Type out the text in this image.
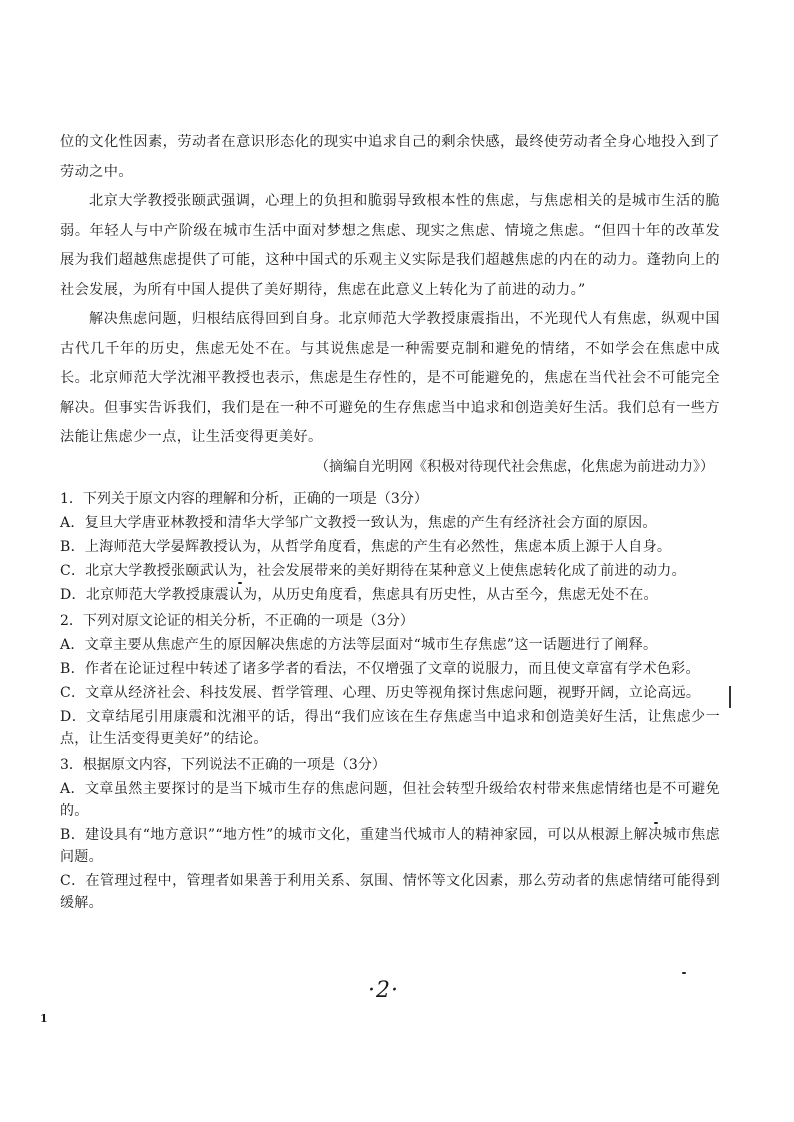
位的文化性因素，劳动者在意识形态化的现实中追求自己的剩余快感，最终使劳动者全身心地投入到了劳动之中。

北京大学教授张颐武强调，心理上的负担和脆弱导致根本性的焦虑，与焦虑相关的是城市生活的脆弱。年轻人与中产阶级在城市生活中面对梦想之焦虑、现实之焦虑、情境之焦虑。“但四十年的改革发展为我们超越焦虑提供了可能，这种中国式的乐观主义实际是我们超越焦虑的内在的动力。蓬勃向上的社会发展，为所有中国人提供了美好期待，焦虑在此意义上转化为了前进的动力。”

解决焦虑问题，归根结底得回到自身。北京师范大学教授康震指出，不光现代人有焦虑，纵观中国古代几千年的历史，焦虑无处不在。与其说焦虑是一种需要克制和避免的情绪，不如学会在焦虑中成长。北京师范大学沈湘平教授也表示，焦虑是生存性的，是不可能避免的，焦虑在当代社会不可能完全解决。但事实告诉我们，我们是在一种不可避免的生存焦虑当中追求和创造美好生活。我们总有一些方法能让焦虑少一点，让生活变得更美好。

（摘编自光明网《积极对待现代社会焦虑，化焦虑为前进动力》）

1．下列关于原文内容的理解和分析，正确的一项是（3分）

A．复旦大学唐亚林教授和清华大学邹广文教授一致认为，焦虑的产生有经济社会方面的原因。

B．上海师范大学晏辉教授认为，从哲学角度看，焦虑的产生有必然性，焦虑本质上源于人自身。

C．北京大学教授张颐武认为，社会发展带来的美好期待在某种意义上使焦虑转化成了前进的动力。

D．北京师范大学教授康震认为，从历史角度看，焦虑具有历史性，从古至今，焦虑无处不在。

2．下列对原文论证的相关分析，不正确的一项是（3分）

A．文章主要从焦虑产生的原因解决焦虑的方法等层面对“城市生存焦虑”这一话题进行了阐释。

B．作者在论证过程中转述了诸多学者的看法，不仅增强了文章的说服力，而且使文章富有学术色彩。

C．文章从经济社会、科技发展、哲学管理、心理、历史等视角探讨焦虑问题，视野开阔，立论高远。

D．文章结尾引用康震和沈湘平的话，得出“我们应该在生存焦虑当中追求和创造美好生活，让焦虑少一点，让生活变得更美好”的结论。

3．根据原文内容，下列说法不正确的一项是（3分）

A．文章虽然主要探讨的是当下城市生存的焦虑问题，但社会转型升级给农村带来焦虑情绪也是不可避免的。

B．建设具有“地方意识”“地方性”的城市文化，重建当代城市人的精神家园，可以从根源上解决城市焦虑问题。

C．在管理过程中，管理者如果善于利用关系、氛围、情怀等文化因素，那么劳动者的焦虑情绪可能得到缓解。

·2·
1
